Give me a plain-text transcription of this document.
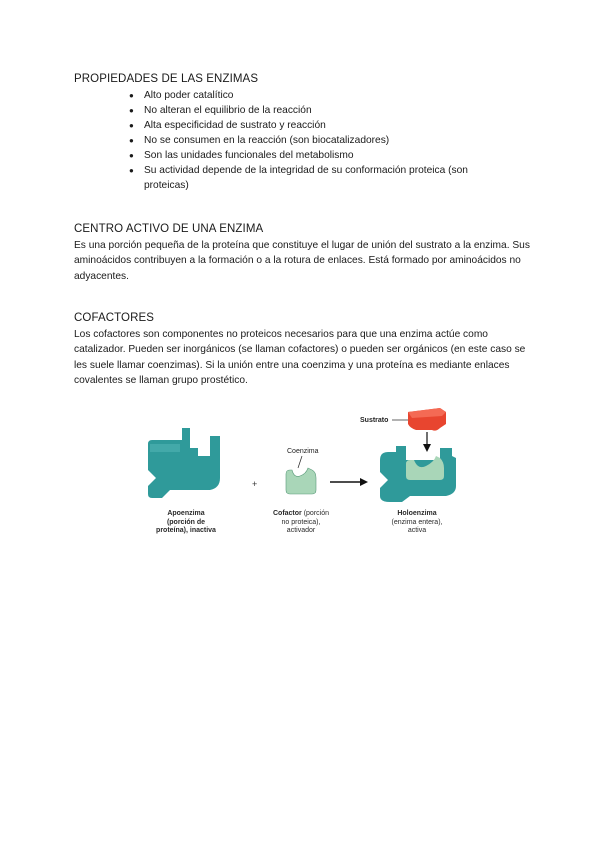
PROPIEDADES DE LAS ENZIMAS
● Alto poder catalítico
● No alteran el equilibrio de la reacción
● Alta especificidad de sustrato y reacción
● No se consumen en la reacción (son biocatalizadores)
● Son las unidades funcionales del metabolismo
● Su actividad depende de la integridad de su conformación proteica (son proteicas)
CENTRO ACTIVO DE UNA ENZIMA

Es una porción pequeña de la proteína que constituye el lugar de unión del sustrato a la enzima. Sus aminoácidos contribuyen a la formación o a la rotura de enlaces. Está formado por aminoácidos no adyacentes.

COFACTORES

Los cofactores son componentes no proteicos necesarios para que una enzima actúe como catalizador. Pueden ser inorgánicos (se llaman cofactores) o pueden ser orgánicos (en este caso se les suele llamar coenzimas). Si la unión entre una coenzima y una proteína es mediante enlaces covalentes se llaman grupo prostético.

+
Coenzima
Sustrato
Apoenzima
(porción de
proteína), inactiva
Cofactor (porción
no proteica),
activador
Holoenzima
(enzima entera),
activa
